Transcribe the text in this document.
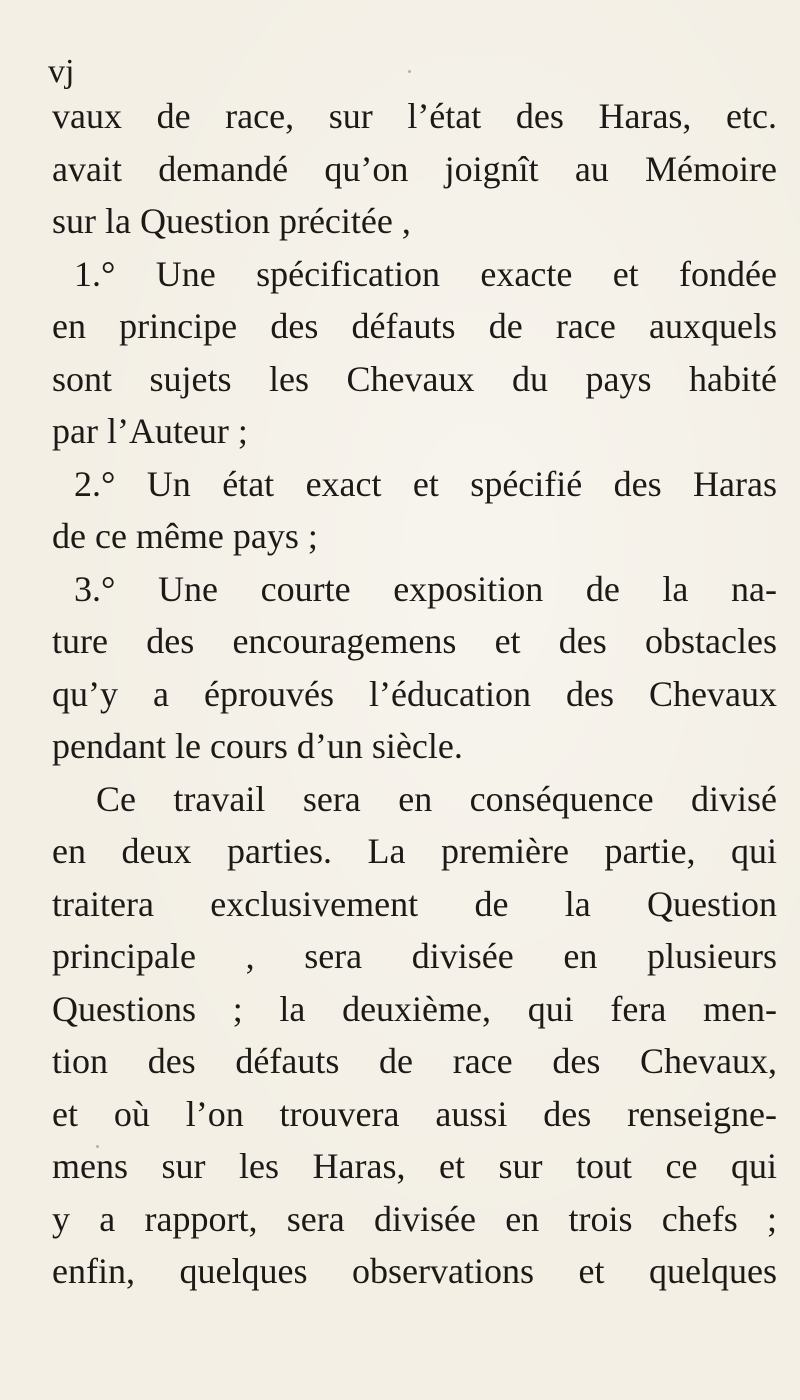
vj
vaux de race, sur l’état des Haras, etc.
avait demandé qu’on joignît au Mémoire
sur la Question précitée ,
1.° Une spécification exacte et fondée
en principe des défauts de race auxquels
sont sujets les Chevaux du pays habité
par l’Auteur ;
2.° Un état exact et spécifié des Haras
de ce même pays ;
3.° Une courte exposition de la na-
ture des encouragemens et des obstacles
qu’y a éprouvés l’éducation des Chevaux
pendant le cours d’un siècle.
Ce travail sera en conséquence divisé
en deux parties. La première partie, qui
traitera exclusivement de la Question
principale , sera divisée en plusieurs
Questions ; la deuxième, qui fera men-
tion des défauts de race des Chevaux,
et où l’on trouvera aussi des renseigne-
mens sur les Haras, et sur tout ce qui
y a rapport, sera divisée en trois chefs ;
enfin, quelques observations et quelques
